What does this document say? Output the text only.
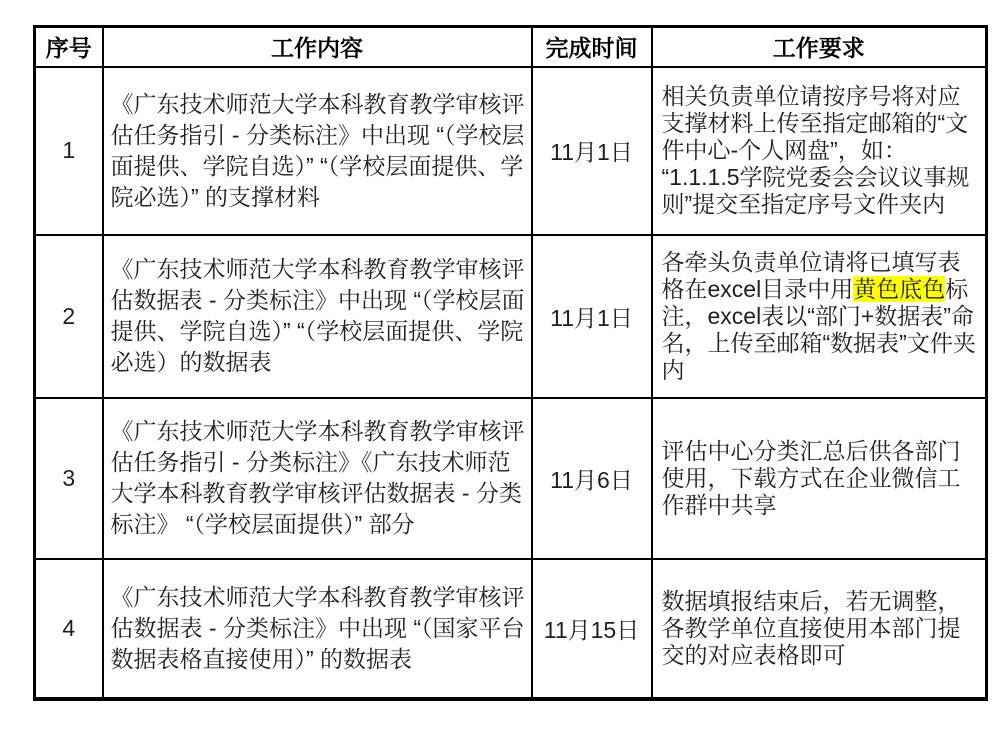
序号	工作内容	完成时间	工作要求
1	《广东技术师范大学本科教育教学审核评估任务指引 - 分类标注》中出现 “（学校层面提供、学院自选）” “（学校层面提供、学院必选）” 的支撑材料	11月1日	相关负责单位请按序号将对应支撑材料上传至指定邮箱的“文件中心-个人网盘”，如：“1.1.1.5学院党委会会议议事规则”提交至指定序号文件夹内
2	《广东技术师范大学本科教育教学审核评估数据表 - 分类标注》中出现 “（学校层面提供、学院自选）” “（学校层面提供、学院必选）的数据表	11月1日	各牵头负责单位请将已填写表格在excel目录中用黄色底色标注，excel表以“部门+数据表”命名，上传至邮箱“数据表”文件夹内
3	《广东技术师范大学本科教育教学审核评估任务指引 - 分类标注》《广东技术师范大学本科教育教学审核评估数据表 - 分类标注》 “（学校层面提供）” 部分	11月6日	评估中心分类汇总后供各部门使用，下载方式在企业微信工作群中共享
4	《广东技术师范大学本科教育教学审核评估数据表 - 分类标注》中出现 “（国家平台数据表格直接使用）” 的数据表	11月15日	数据填报结束后，若无调整，各教学单位直接使用本部门提交的对应表格即可
